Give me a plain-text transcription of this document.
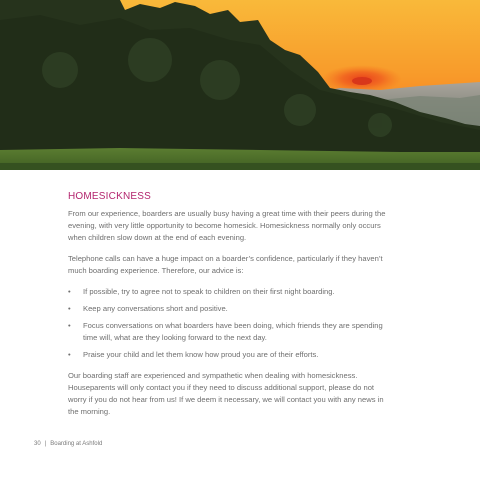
HOMESICKNESS

From our experience, boarders are usually busy having a great time with their peers during the evening, with very little opportunity to become homesick. Homesickness normally only occurs when children slow down at the end of each evening.

Telephone calls can have a huge impact on a boarder’s confidence, particularly if they haven’t much boarding experience. Therefore, our advice is:

• If possible, try to agree not to speak to children on their first night boarding.
• Keep any conversations short and positive.
• Focus conversations on what boarders have been doing, which friends they are spending time will, what are they looking forward to the next day.
• Praise your child and let them know how proud you are of their efforts.

Our boarding staff are experienced and sympathetic when dealing with homesickness. Houseparents will only contact you if they need to discuss additional support, please do not worry if you do not hear from us! If we deem it necessary, we will contact you with any news in the morning.

30 | Boarding at Ashfold
